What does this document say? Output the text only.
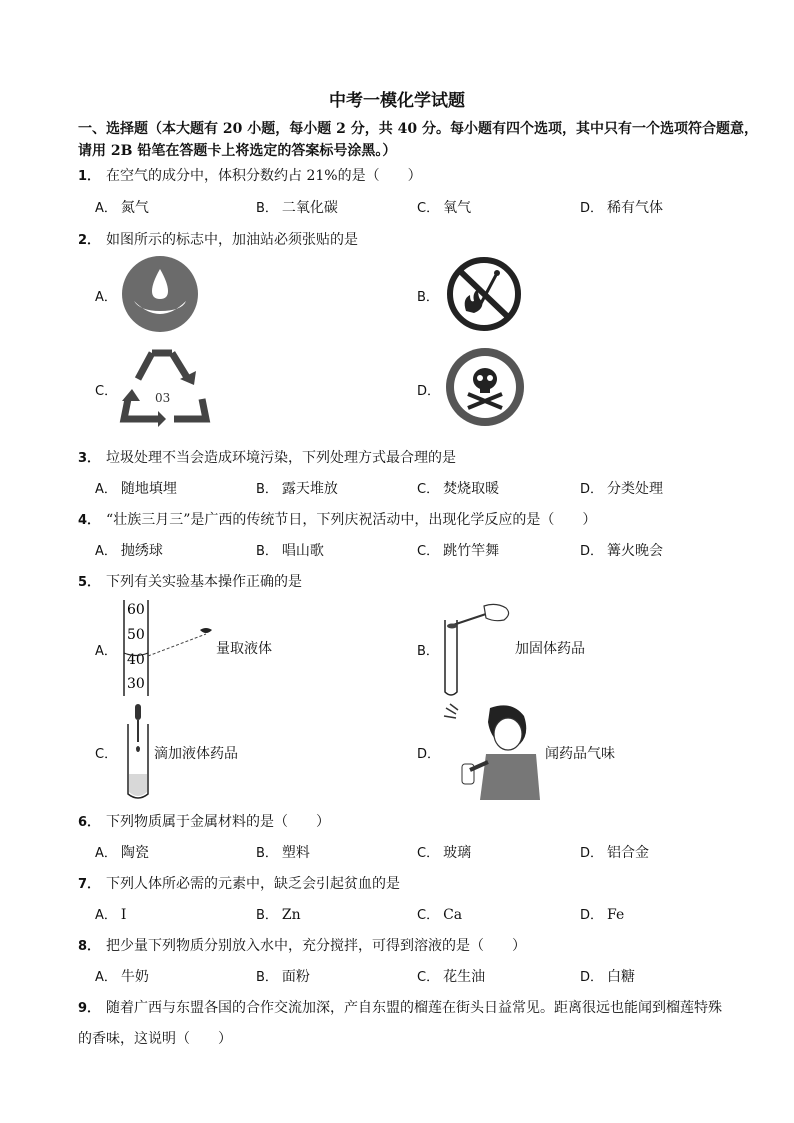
中考一模化学试题
一、选择题（本大题有 20 小题，每小题 2 分，共 40 分。每小题有四个选项，其中只有一个选项符合题意，请用 2B 铅笔在答题卡上将选定的答案标号涂黑。）
1． 在空气的成分中，体积分数约占 21%的是（　　）
A． 氮气	B． 二氧化碳	C． 氧气	D． 稀有气体
2． 如图所示的标志中，加油站必须张贴的是
A．	B．
C．	03	D．
3． 垃圾处理不当会造成环境污染，下列处理方式最合理的是
A． 随地填埋	B． 露天堆放	C． 焚烧取暖	D． 分类处理
4． “壮族三月三”是广西的传统节日，下列庆祝活动中，出现化学反应的是（　　）
A． 抛绣球	B． 唱山歌	C． 跳竹竿舞	D． 篝火晚会
5． 下列有关实验基本操作正确的是
A．
60
50
40
30
量取液体	B．	加固体药品
C．	滴加液体药品	D．	闻药品气味
6． 下列物质属于金属材料的是（　　）
A． 陶瓷	B． 塑料	C． 玻璃	D． 铝合金
7． 下列人体所必需的元素中，缺乏会引起贫血的是
A． I	B． Zn	C． Ca	D． Fe
8． 把少量下列物质分别放入水中，充分搅拌，可得到溶液的是（　　）
A． 牛奶	B． 面粉	C． 花生油	D． 白糖
9． 随着广西与东盟各国的合作交流加深，产自东盟的榴莲在街头日益常见。距离很远也能闻到榴莲特殊
的香味，这说明（　　）
